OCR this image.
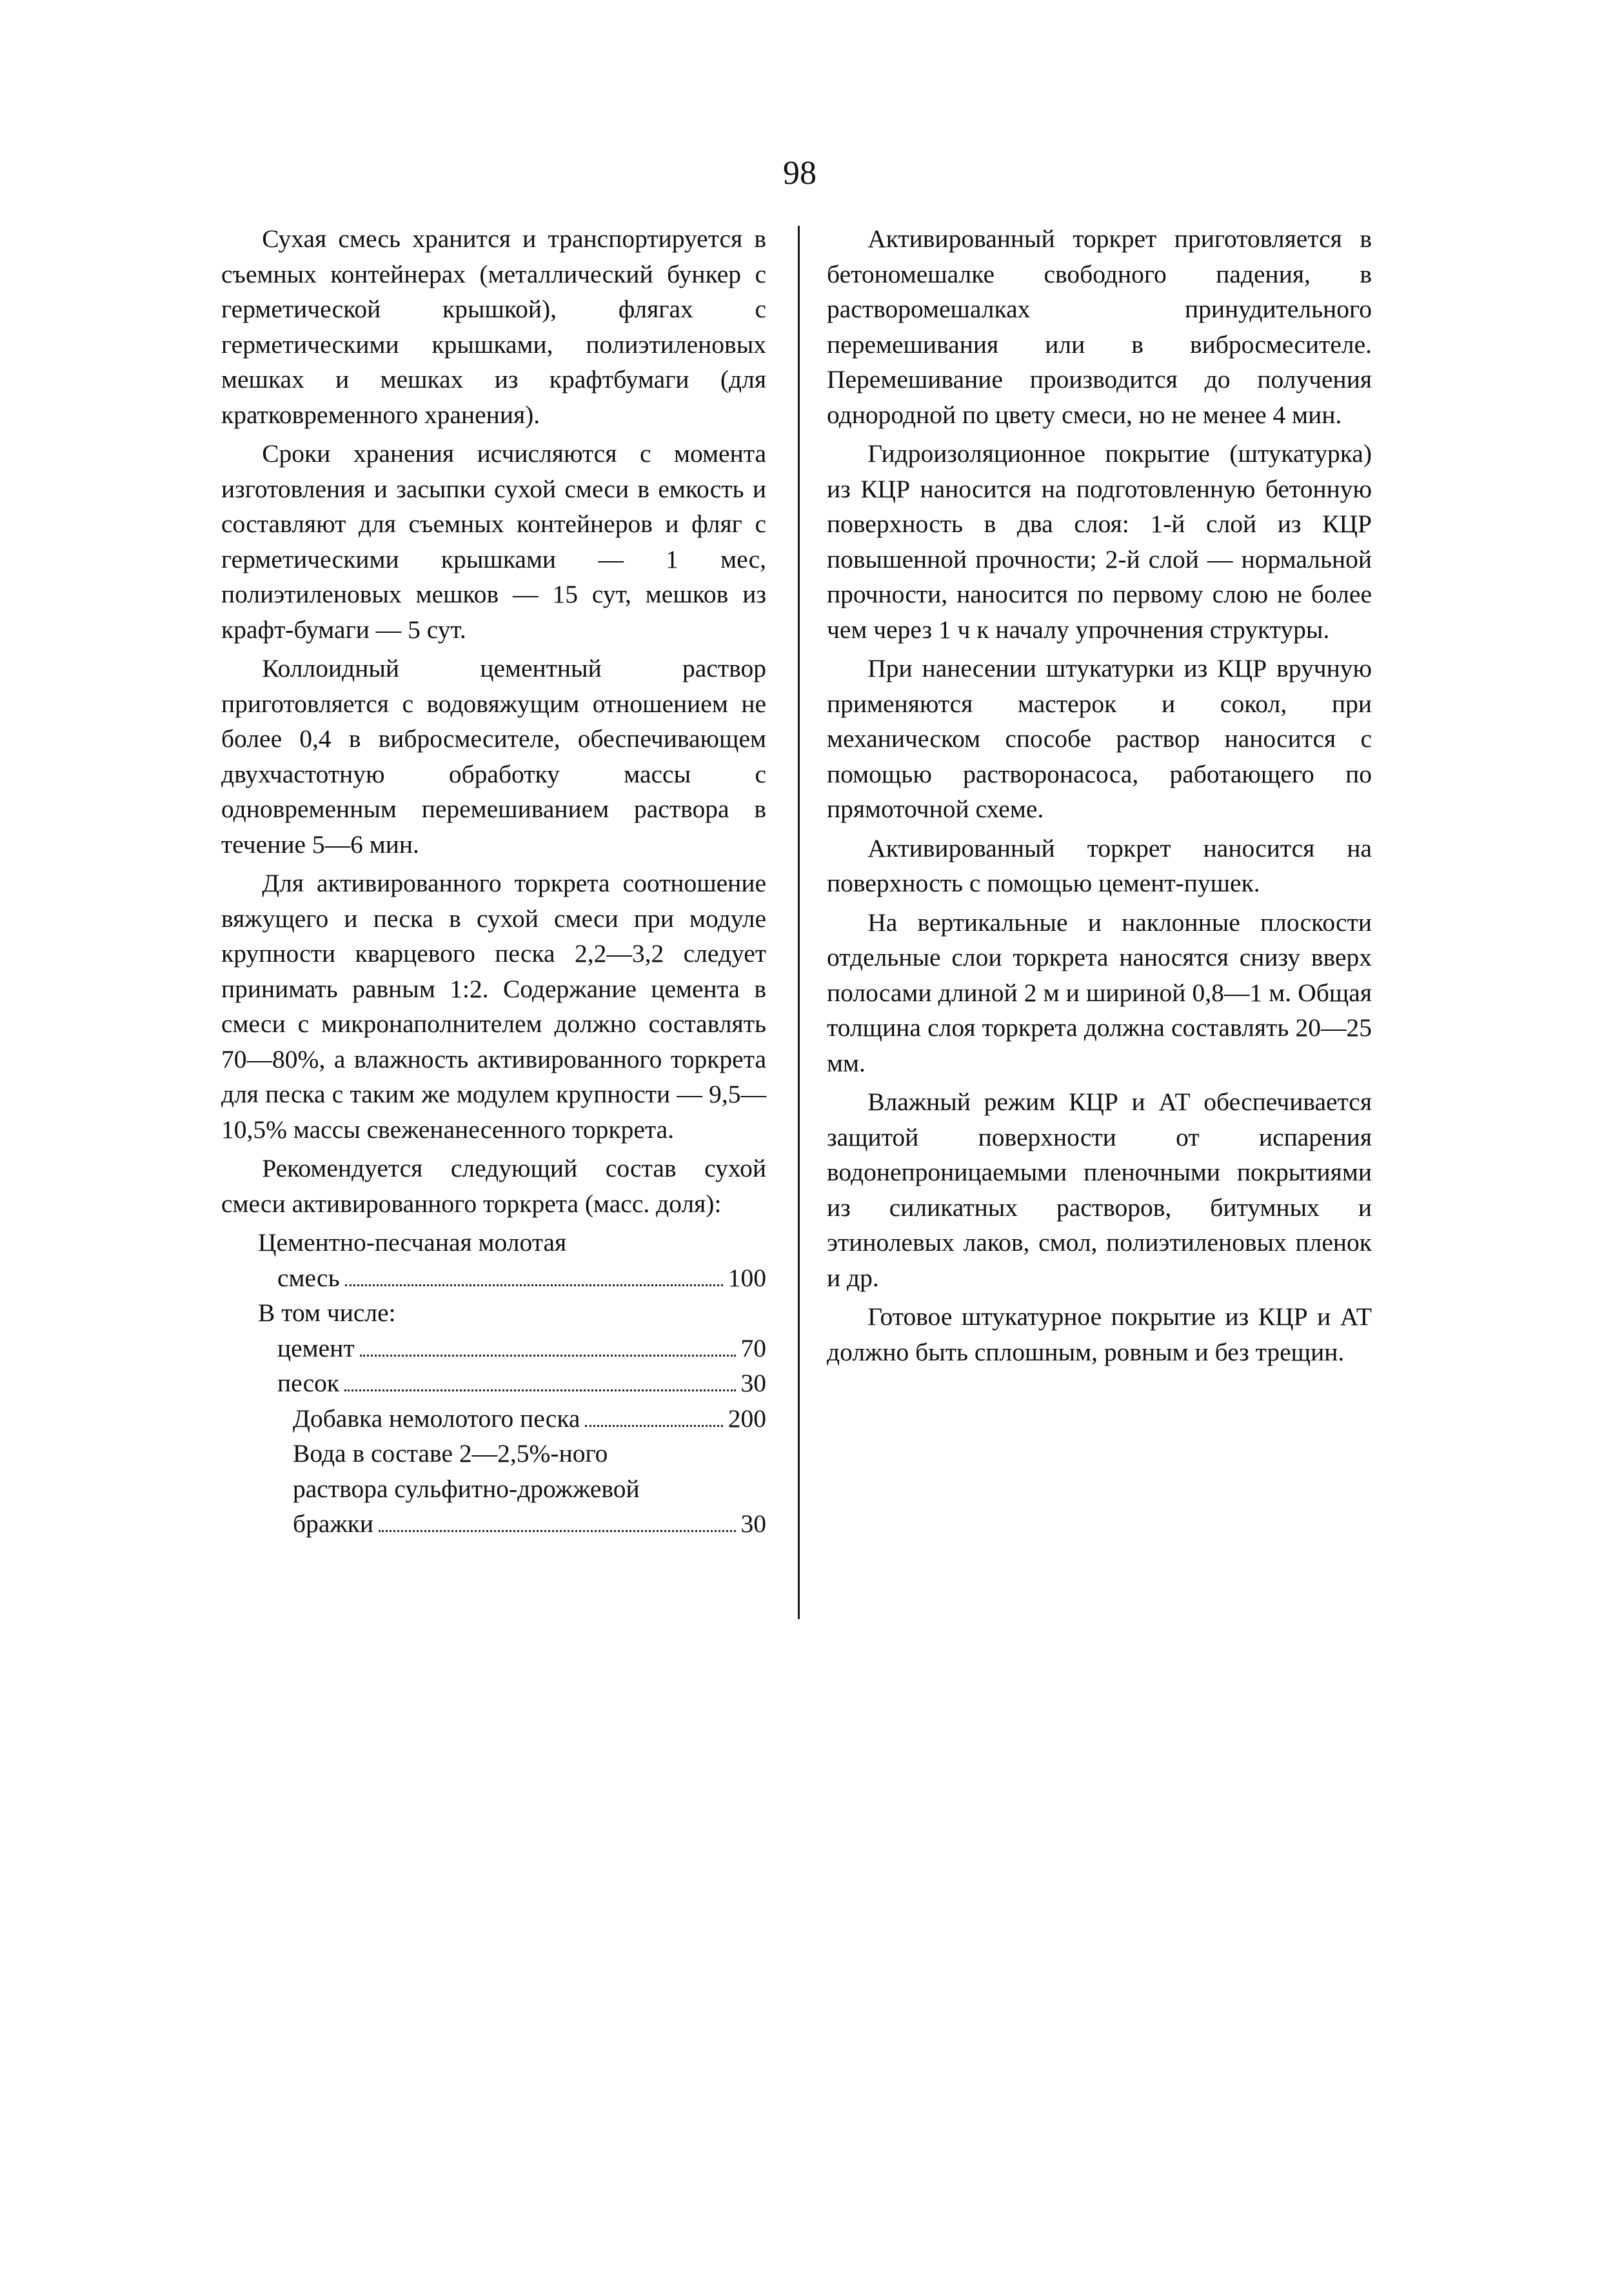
98

Сухая смесь хранится и транспортируется в съемных контейнерах (металлический бункер с герметической крышкой), флягах с герметическими крышками, полиэтиленовых мешках и мешках из крафтбумаги (для кратковременного хранения).

Сроки хранения исчисляются с момента изготовления и засыпки сухой смеси в емкость и составляют для съемных контейнеров и фляг с герметическими крышками — 1 мес, полиэтиленовых мешков — 15 сут, мешков из крафт-бумаги — 5 сут.

Коллоидный цементный раствор приготовляется с водовяжущим отношением не более 0,4 в вибросмесителе, обеспечивающем двухчастотную обработку массы с одновременным перемешиванием раствора в течение 5—6 мин.

Для активированного торкрета соотношение вяжущего и песка в сухой смеси при модуле крупности кварцевого песка 2,2—3,2 следует принимать равным 1:2. Содержание цемента в смеси с микронаполнителем должно составлять 70—80%, а влажность активированного торкрета для песка с таким же модулем крупности — 9,5—10,5% массы свеженанесенного торкрета.

Рекомендуется следующий состав сухой смеси активированного торкрета (масс. доля):

Цементно-песчаная молотая

смесь	100

В том числе:

цемент	70
песок	30
Добавка немолотого песка	200

Вода в составе 2—2,5%-ного

раствора сульфитно-дрожжевой

бражки	30

Активированный торкрет приготовляется в бетономешалке свободного падения, в растворомешалках принудительного перемешивания или в вибросмесителе. Перемешивание производится до получения однородной по цвету смеси, но не менее 4 мин.

Гидроизоляционное покрытие (штукатурка) из КЦР наносится на подготовленную бетонную поверхность в два слоя: 1-й слой из КЦР повышенной прочности; 2-й слой — нормальной прочности, наносится по первому слою не более чем через 1 ч к началу упрочнения структуры.

При нанесении штукатурки из КЦР вручную применяются мастерок и сокол, при механическом способе раствор наносится с помощью растворонасоса, работающего по прямоточной схеме.

Активированный торкрет наносится на поверхность с помощью цемент-пушек.

На вертикальные и наклонные плоскости отдельные слои торкрета наносятся снизу вверх полосами длиной 2 м и шириной 0,8—1 м. Общая толщина слоя торкрета должна составлять 20—25 мм.

Влажный режим КЦР и АТ обеспечивается защитой поверхности от испарения водонепроницаемыми пленочными покрытиями из силикатных растворов, битумных и этинолевых лаков, смол, полиэтиленовых пленок и др.

Готовое штукатурное покрытие из КЦР и АТ должно быть сплошным, ровным и без трещин.
